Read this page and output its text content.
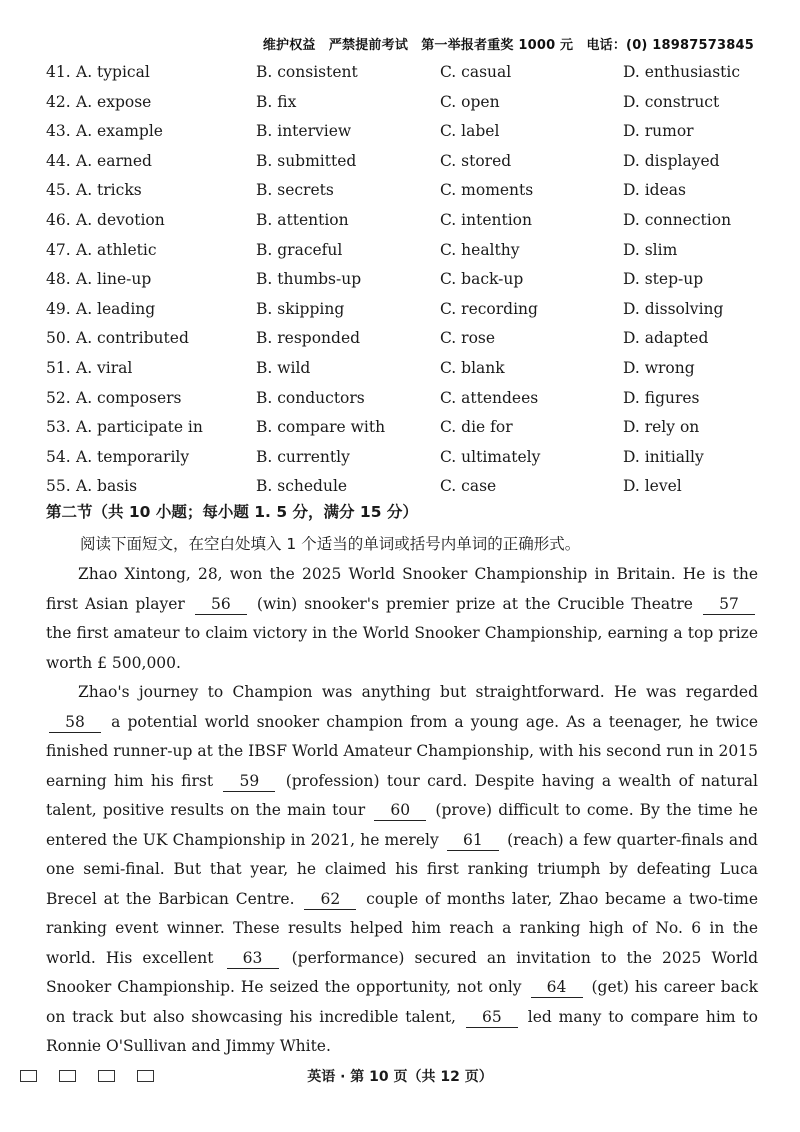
维护权益　严禁提前考试　第一举报者重奖 1000 元　电话：(0) 18987573845
41. A. typical	B. consistent	C. casual	D. enthusiastic
42. A. expose	B. fix	C. open	D. construct
43. A. example	B. interview	C. label	D. rumor
44. A. earned	B. submitted	C. stored	D. displayed
45. A. tricks	B. secrets	C. moments	D. ideas
46. A. devotion	B. attention	C. intention	D. connection
47. A. athletic	B. graceful	C. healthy	D. slim
48. A. line-up	B. thumbs-up	C. back-up	D. step-up
49. A. leading	B. skipping	C. recording	D. dissolving
50. A. contributed	B. responded	C. rose	D. adapted
51. A. viral	B. wild	C. blank	D. wrong
52. A. composers	B. conductors	C. attendees	D. figures
53. A. participate in	B. compare with	C. die for	D. rely on
54. A. temporarily	B. currently	C. ultimately	D. initially
55. A. basis	B. schedule	C. case	D. level
第二节（共 10 小题；每小题 1. 5 分，满分 15 分）
阅读下面短文，在空白处填入 1 个适当的单词或括号内单词的正确形式。

Zhao Xintong, 28, won the 2025 World Snooker Championship in Britain. He is the first Asian player 56 (win) snooker's premier prize at the Crucible Theatre 57 the first amateur to claim victory in the World Snooker Championship, earning a top prize worth £ 500,000.

Zhao's journey to Champion was anything but straightforward. He was regarded 58 a potential world snooker champion from a young age. As a teenager, he twice finished runner-up at the IBSF World Amateur Championship, with his second run in 2015 earning him his first 59 (profession) tour card. Despite having a wealth of natural talent, positive results on the main tour 60 (prove) difficult to come. By the time he entered the UK Championship in 2021, he merely 61 (reach) a few quarter-finals and one semi-final. But that year, he claimed his first ranking triumph by defeating Luca Brecel at the Barbican Centre. 62 couple of months later, Zhao became a two-time ranking event winner. These results helped him reach a ranking high of No. 6 in the world. His excellent 63 (performance) secured an invitation to the 2025 World Snooker Championship. He seized the opportunity, not only 64 (get) his career back on track but also showcasing his incredible talent, 65 led many to compare him to Ronnie O'Sullivan and Jimmy White.

英语 · 第 10 页（共 12 页）
